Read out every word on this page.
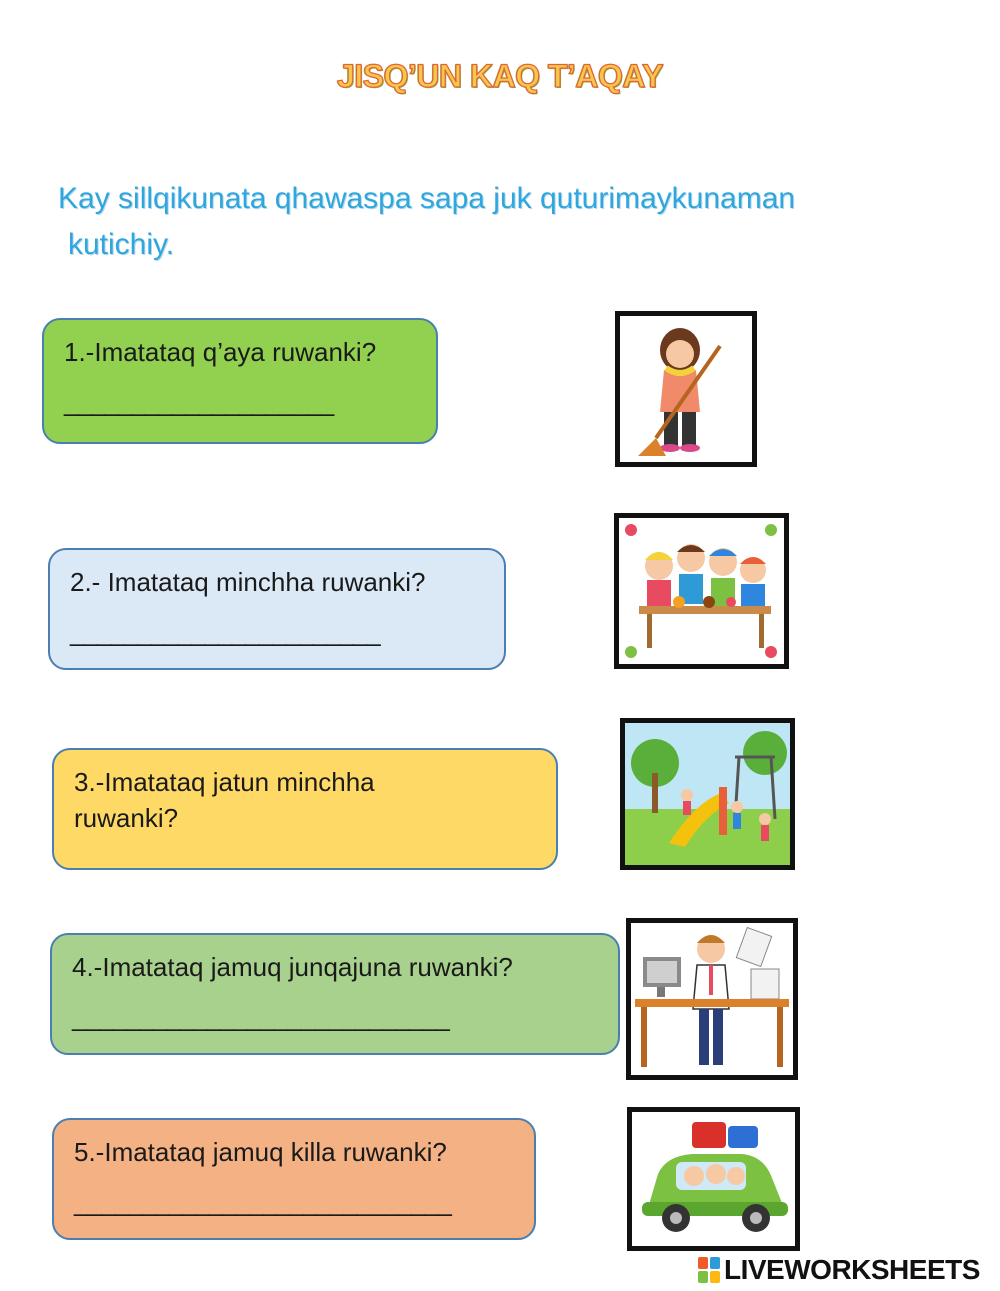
JISQ’UN KAQ T’AQAY
Kay sillqikunata qhawaspa sapa juk quturimaykunaman
kutichiy.
1.-Imatataq q’aya ruwanki?
____________________
2.- Imatataq minchha ruwanki?
_______________________
3.-Imatataq jatun minchha ruwanki?
4.-Imatataq jamuq junqajuna ruwanki?
____________________________
5.-Imatataq jamuq killa ruwanki?
____________________________
LIVEWORKSHEETS
